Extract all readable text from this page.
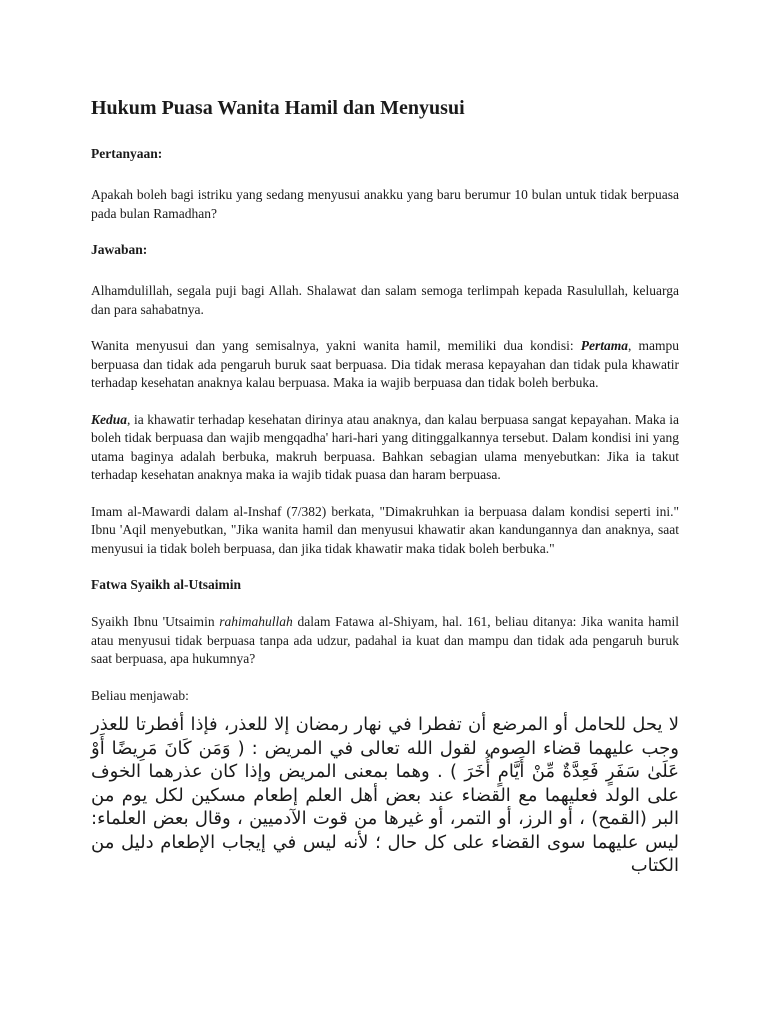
Hukum Puasa Wanita Hamil dan Menyusui
Pertanyaan:

Apakah boleh bagi istriku yang sedang menyusui anakku yang baru berumur 10 bulan untuk tidak berpuasa pada bulan Ramadhan?

Jawaban:

Alhamdulillah, segala puji bagi Allah. Shalawat dan salam semoga terlimpah kepada Rasulullah, keluarga dan para sahabatnya.

Wanita menyusui dan yang semisalnya, yakni wanita hamil, memiliki dua kondisi: Pertama, mampu berpuasa dan tidak ada pengaruh buruk saat berpuasa. Dia tidak merasa kepayahan dan tidak pula khawatir terhadap kesehatan anaknya kalau berpuasa. Maka ia wajib berpuasa dan tidak boleh berbuka.

Kedua, ia khawatir terhadap kesehatan dirinya atau anaknya, dan kalau berpuasa sangat kepayahan. Maka ia boleh tidak berpuasa dan wajib mengqadha' hari-hari yang ditinggalkannya tersebut. Dalam kondisi ini yang utama baginya adalah berbuka, makruh berpuasa. Bahkan sebagian ulama menyebutkan: Jika ia takut terhadap kesehatan anaknya maka ia wajib tidak puasa dan haram berpuasa.

Imam al-Mawardi dalam al-Inshaf (7/382) berkata, "Dimakruhkan ia berpuasa dalam kondisi seperti ini." Ibnu 'Aqil menyebutkan, "Jika wanita hamil dan menyusui khawatir akan kandungannya dan anaknya, saat menyusui ia tidak boleh berpuasa, dan jika tidak khawatir maka tidak boleh berbuka."

Fatwa Syaikh al-Utsaimin

Syaikh Ibnu 'Utsaimin rahimahullah dalam Fatawa al-Shiyam, hal. 161, beliau ditanya: Jika wanita hamil atau menyusui tidak berpuasa tanpa ada udzur, padahal ia kuat dan mampu dan tidak ada pengaruh buruk saat berpuasa, apa hukumnya?

Beliau menjawab:

لا يحل للحامل أو المرضع أن تفطرا في نهار رمضان إلا للعذر، فإذا أفطرتا للعذر وجب عليهما قضاء الصوم، لقول الله تعالى في المريض : ( وَمَن كَانَ مَرِيضًا أَوْ عَلَىٰ سَفَرٍ فَعِدَّةٌ مِّنْ أَيَّامٍ أُخَرَ ) . وهما بمعنى المريض وإذا كان عذرهما الخوف على الولد فعليهما مع القضاء عند بعض أهل العلم إطعام مسكين لكل يوم من البر (القمح) ، أو الرز، أو التمر، أو غيرها من قوت الآدميين ، وقال بعض العلماء: ليس عليهما سوى القضاء على كل حال ؛ لأنه ليس في إيجاب الإطعام دليل من الكتاب
